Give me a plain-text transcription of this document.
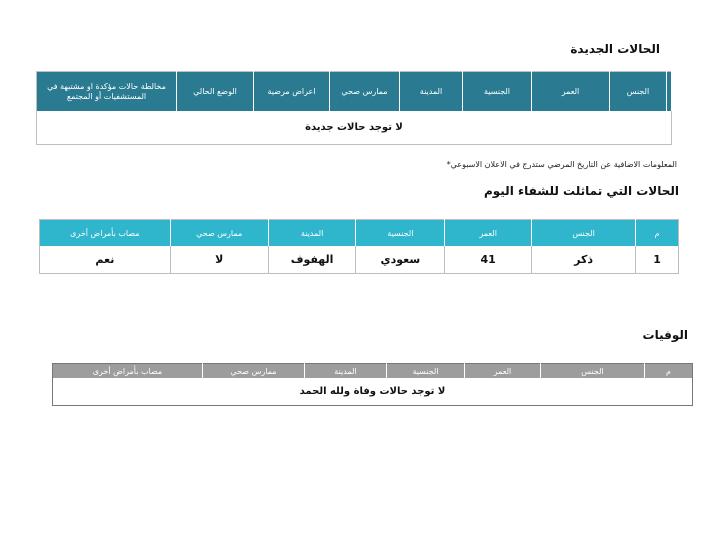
الحالات الجديدة
	الجنس	العمر	الجنسية	المدينة	ممارس صحي	اعراض مرضية	الوضع الحالي	مخالطة حالات مؤكدة او مشتبهة في المستشفيات أو المجتمع
لا توجد حالات جديدة
المعلومات الاضافية عن التاريخ المرضي ستدرج في الاعلان الاسبوعي*
الحالات التي تماثلت للشفاء اليوم
م	الجنس	العمر	الجنسية	المدينة	ممارس صحي	مصاب بأمراض أخرى
1	ذكر	41	سعودي	الهفوف	لا	نعم
الوفيات
م	الجنس	العمر	الجنسية	المدينة	ممارس صحي	مصاب بأمراض أخرى
لا توجد حالات وفاة ولله الحمد
